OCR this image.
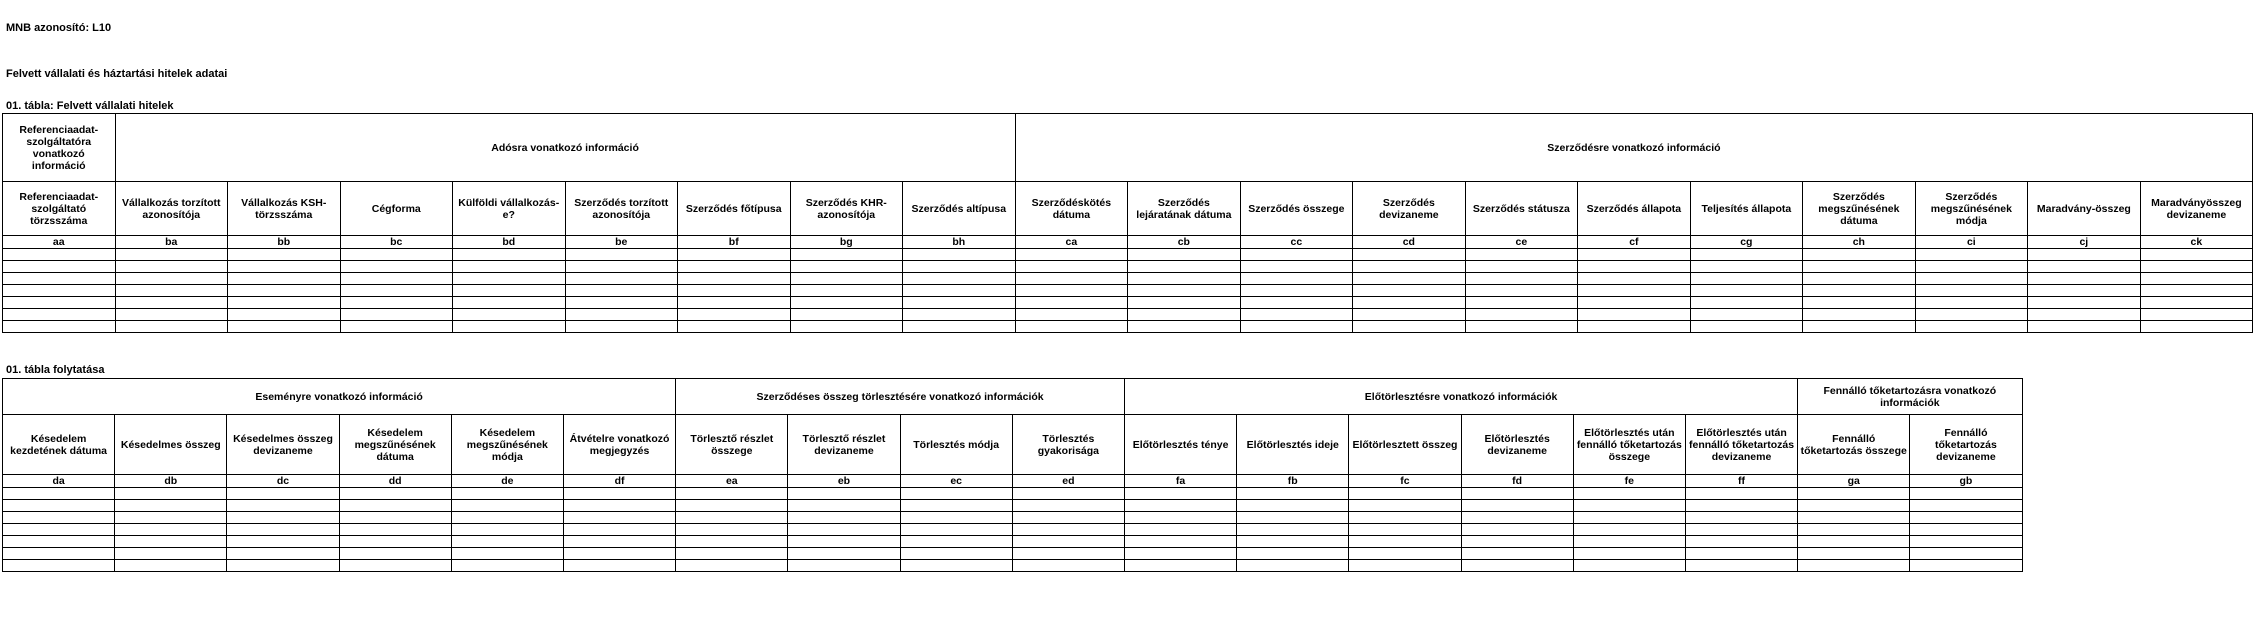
MNB azonosító: L10
Felvett vállalati és háztartási hitelek adatai
01. tábla: Felvett vállalati hitelek
Referenciaadat-szolgáltatóra vonatkozó információ	Adósra vonatkozó információ								Szerződésre vonatkozó információ										
Referenciaadat-szolgáltató törzsszáma	Vállalkozás torzított azonosítója	Vállalkozás KSH-törzsszáma	Cégforma	Külföldi vállalkozás-e?	Szerződés torzított azonosítója	Szerződés főtípusa	Szerződés KHR-azonosítója	Szerződés altípusa	Szerződéskötés dátuma	Szerződés lejáratának dátuma	Szerződés összege	Szerződés devizaneme	Szerződés státusza	Szerződés állapota	Teljesítés állapota	Szerződés megszűnésének dátuma	Szerződés megszűnésének módja	Maradvány-összeg	Maradványösszeg devizaneme
aa	ba	bb	bc	bd	be	bf	bg	bh	ca	cb	cc	cd	ce	cf	cg	ch	ci	cj	ck

01. tábla folytatása
Eseményre vonatkozó információ						Szerződéses összeg törlesztésére vonatkozó információk				Előtörlesztésre vonatkozó információk						Fennálló tőketartozásra vonatkozó információk	
Késedelem kezdetének dátuma	Késedelmes összeg	Késedelmes összeg devizaneme	Késedelem megszűnésének dátuma	Késedelem megszűnésének módja	Átvételre vonatkozó megjegyzés	Törlesztő részlet összege	Törlesztő részlet devizaneme	Törlesztés módja	Törlesztés gyakorisága	Előtörlesztés ténye	Előtörlesztés ideje	Előtörlesztett összeg	Előtörlesztés devizaneme	Előtörlesztés után fennálló tőketartozás összege	Előtörlesztés után fennálló tőketartozás devizaneme	Fennálló tőketartozás összege	Fennálló tőketartozás devizaneme
da	db	dc	dd	de	df	ea	eb	ec	ed	fa	fb	fc	fd	fe	ff	ga	gb
